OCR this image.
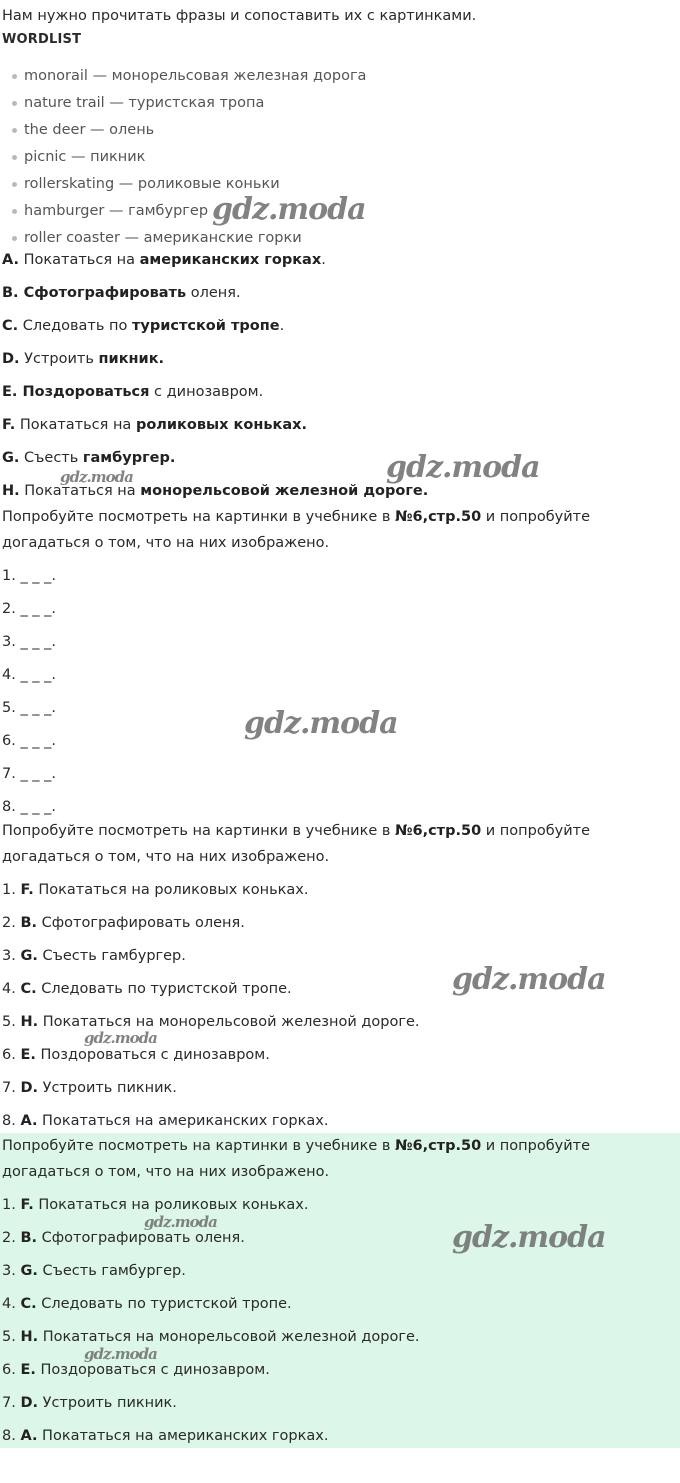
Нам нужно прочитать фразы и сопоставить их с картинками.
WORDLIST
monorail — монорельсовая железная дорога
nature trail — туристская тропа
the deer — олень
picnic — пикник
rollerskating — роликовые коньки
hamburger — гамбургер
roller coaster — американские горки
A. Покататься на американских горках.
B. Сфотографировать оленя.
C. Следовать по туристской тропе.
D. Устроить пикник.
E. Поздороваться с динозавром.
F. Покататься на роликовых коньках.
G. Съесть гамбургер.
H. Покататься на монорельсовой железной дороге.
Попробуйте посмотреть на картинки в учебнике в №6,стр.50 и попробуйте догадаться о том, что на них изображено.
1. _ _ _.
2. _ _ _.
3. _ _ _.
4. _ _ _.
5. _ _ _.
6. _ _ _.
7. _ _ _.
8. _ _ _.
Попробуйте посмотреть на картинки в учебнике в №6,стр.50 и попробуйте догадаться о том, что на них изображено.
1. F. Покататься на роликовых коньках.
2. B. Сфотографировать оленя.
3. G. Съесть гамбургер.
4. C. Следовать по туристской тропе.
5. H. Покататься на монорельсовой железной дороге.
6. E. Поздороваться с динозавром.
7. D. Устроить пикник.
8. A. Покататься на американских горках.
Попробуйте посмотреть на картинки в учебнике в №6,стр.50 и попробуйте догадаться о том, что на них изображено.
1. F. Покататься на роликовых коньках.
2. B. Сфотографировать оленя.
3. G. Съесть гамбургер.
4. C. Следовать по туристской тропе.
5. H. Покататься на монорельсовой железной дороге.
6. E. Поздороваться с динозавром.
7. D. Устроить пикник.
8. A. Покататься на американских горках.
gdz.moda
gdz.moda
gdz.moda
gdz.moda
gdz.moda
gdz.moda
gdz.moda	gdz.moda
gdz.moda
